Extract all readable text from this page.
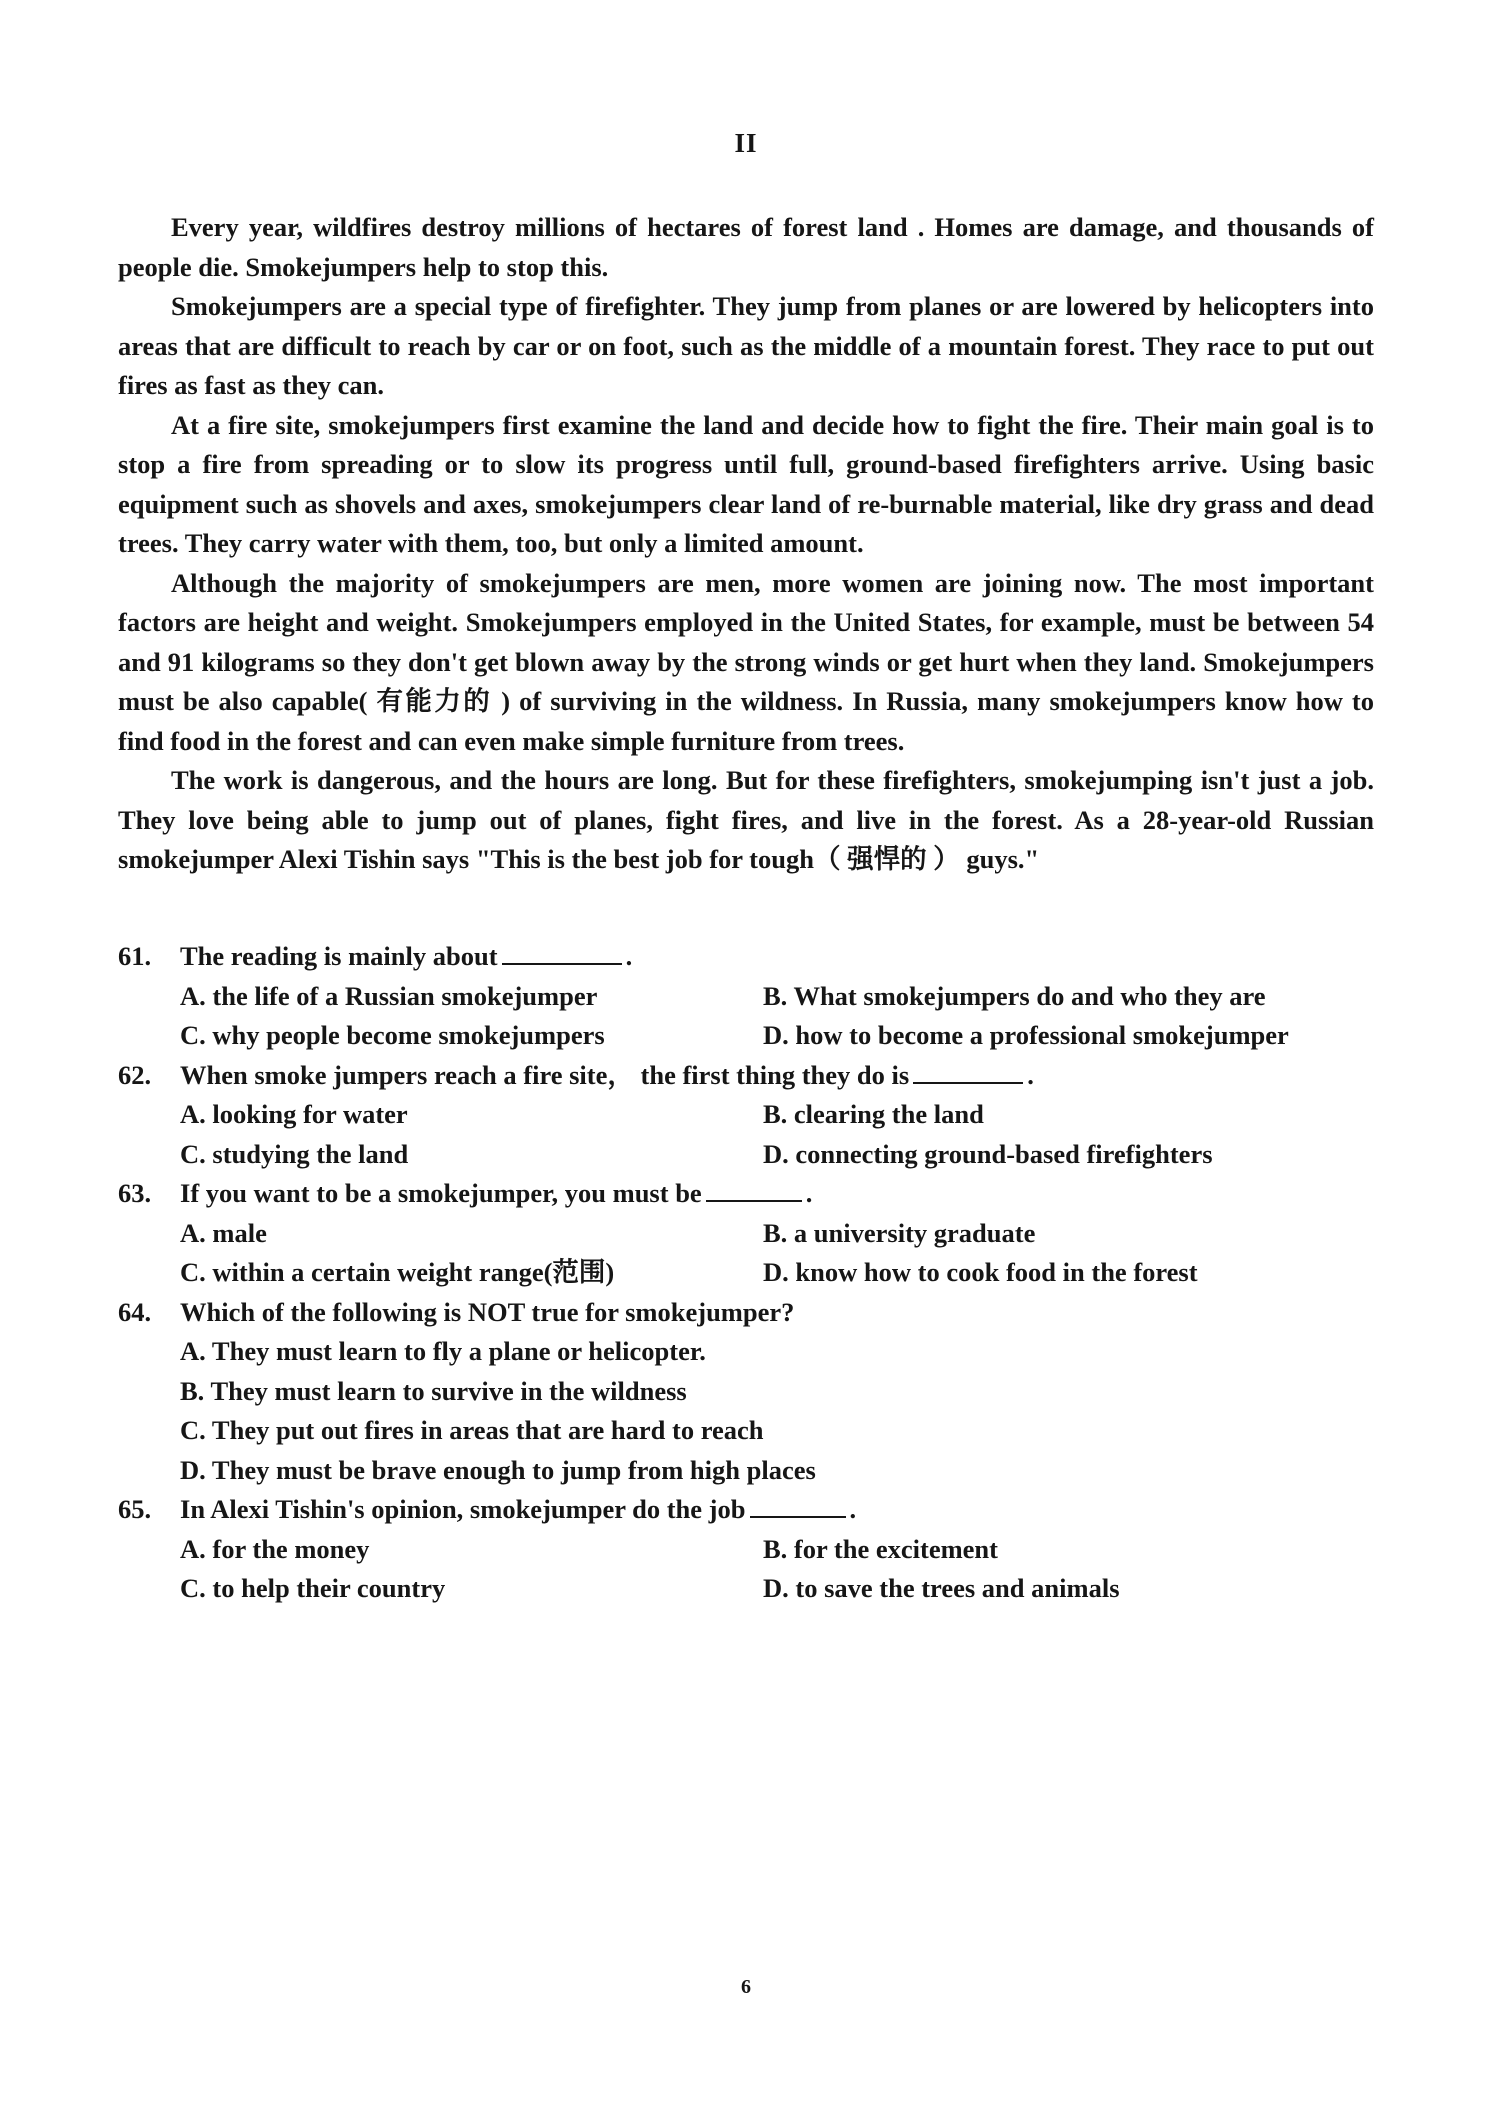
II

Every year, wildfires destroy millions of hectares of forest land . Homes are damage, and thousands of people die. Smokejumpers help to stop this.

Smokejumpers are a special type of firefighter. They jump from planes or are lowered by helicopters into areas that are difficult to reach by car or on foot, such as the middle of a mountain forest. They race to put out fires as fast as they can.

At a fire site, smokejumpers first examine the land and decide how to fight the fire. Their main goal is to stop a fire from spreading or to slow its progress until full, ground-based firefighters arrive. Using basic equipment such as shovels and axes, smokejumpers clear land of re-burnable material, like dry grass and dead trees. They carry water with them, too, but only a limited amount.

Although the majority of smokejumpers are men, more women are joining now. The most important factors are height and weight. Smokejumpers employed in the United States, for example, must be between 54 and 91 kilograms so they don't get blown away by the strong winds or get hurt when they land. Smokejumpers must be also capable( 有能力的 ) of surviving in the wildness. In Russia, many smokejumpers know how to find food in the forest and can even make simple furniture from trees.

The work is dangerous, and the hours are long. But for these firefighters, smokejumping isn't just a job. They love being able to jump out of planes, fight fires, and live in the forest. As a 28-year-old Russian smokejumper Alexi Tishin says "This is the best job for tough（ 强悍的 ） guys."

61. The reading is mainly about	.
A. the life of a Russian smokejumper	B. What smokejumpers do and who they are
C. why people become smokejumpers	D. how to become a professional smokejumper
62. When smoke jumpers reach a fire site， the first thing they do is	.
A. looking for water	B. clearing the land
C. studying the land	D. connecting ground-based firefighters
63. If you want to be a smokejumper, you must be	.
A. male	B. a university graduate
C. within a certain weight range(范围)	D. know how to cook food in the forest
64. Which of the following is NOT true for smokejumper?
A. They must learn to fly a plane or helicopter.
B. They must learn to survive in the wildness
C. They put out fires in areas that are hard to reach
D. They must be brave enough to jump from high places
65. In Alexi Tishin's opinion, smokejumper do the job	.
A. for the money	B. for the excitement
C. to help their country	D. to save the trees and animals
6
